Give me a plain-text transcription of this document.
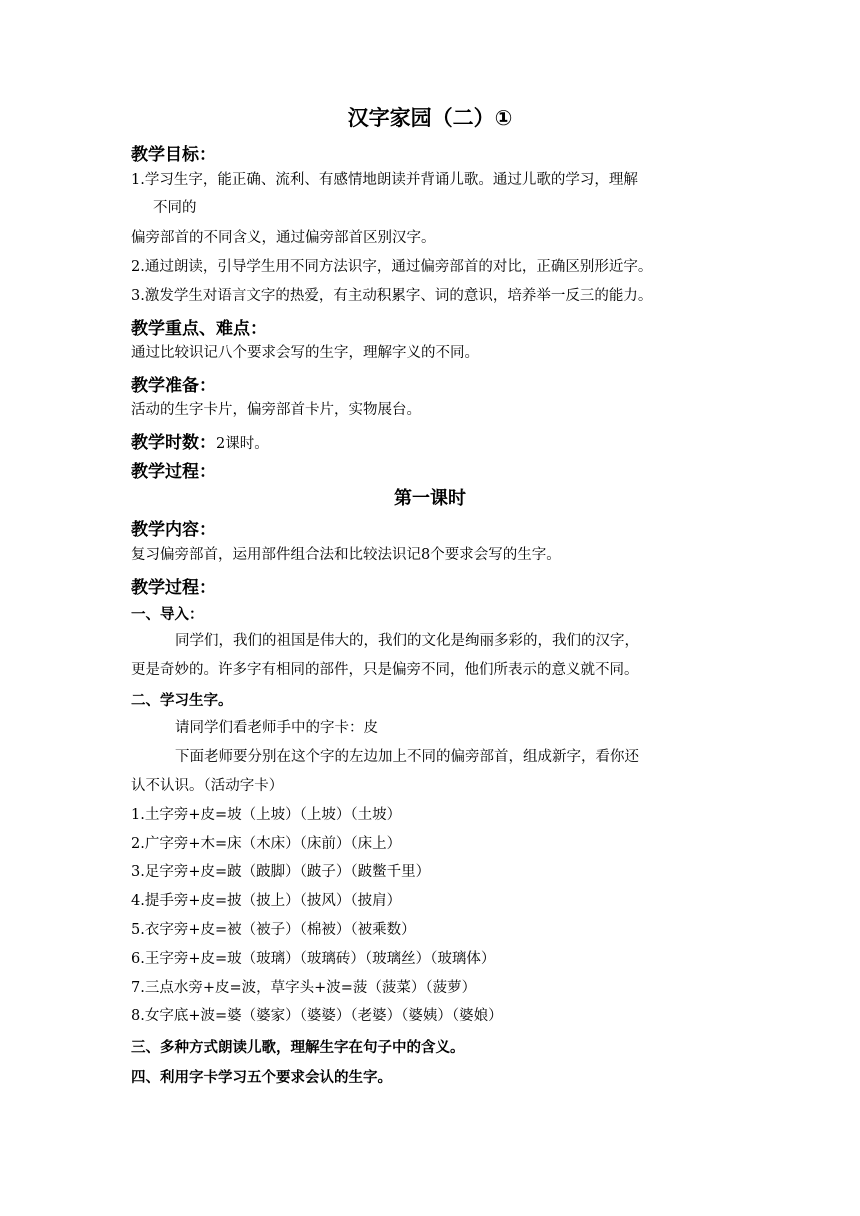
汉字家园（二）①
教学目标：
1.学习生字，能正确、流利、有感情地朗读并背诵儿歌。通过儿歌的学习，理解
不同的
偏旁部首的不同含义，通过偏旁部首区别汉字。
2.通过朗读，引导学生用不同方法识字，通过偏旁部首的对比，正确区别形近字。
3.激发学生对语言文字的热爱，有主动积累字、词的意识，培养举一反三的能力。
教学重点、难点：
通过比较识记八个要求会写的生字，理解字义的不同。
教学准备：
活动的生字卡片，偏旁部首卡片，实物展台。
教学时数：2课时。
教学过程：
第一课时
教学内容：
复习偏旁部首，运用部件组合法和比较法识记8个要求会写的生字。
教学过程：
一、导入：
同学们，我们的祖国是伟大的，我们的文化是绚丽多彩的，我们的汉字，
更是奇妙的。许多字有相同的部件，只是偏旁不同，他们所表示的意义就不同。
二、学习生字。
请同学们看老师手中的字卡：皮
下面老师要分别在这个字的左边加上不同的偏旁部首，组成新字，看你还
认不认识。（活动字卡）
1.土字旁+皮=坡（上坡）（上坡）（土坡）
2.广字旁+木=床（木床）（床前）（床上）
3.足字旁+皮=跛（跛脚）（跛子）（跛鳖千里）
4.提手旁+皮=披（披上）（披风）（披肩）
5.衣字旁+皮=被（被子）（棉被）（被乘数）
6.王字旁+皮=玻（玻璃）（玻璃砖）（玻璃丝）（玻璃体）
7.三点水旁+皮=波，草字头+波=菠（菠菜）（菠萝）
8.女字底+波=婆（婆家）（婆婆）（老婆）（婆姨）（婆娘）
三、多种方式朗读儿歌，理解生字在句子中的含义。
四、利用字卡学习五个要求会认的生字。
